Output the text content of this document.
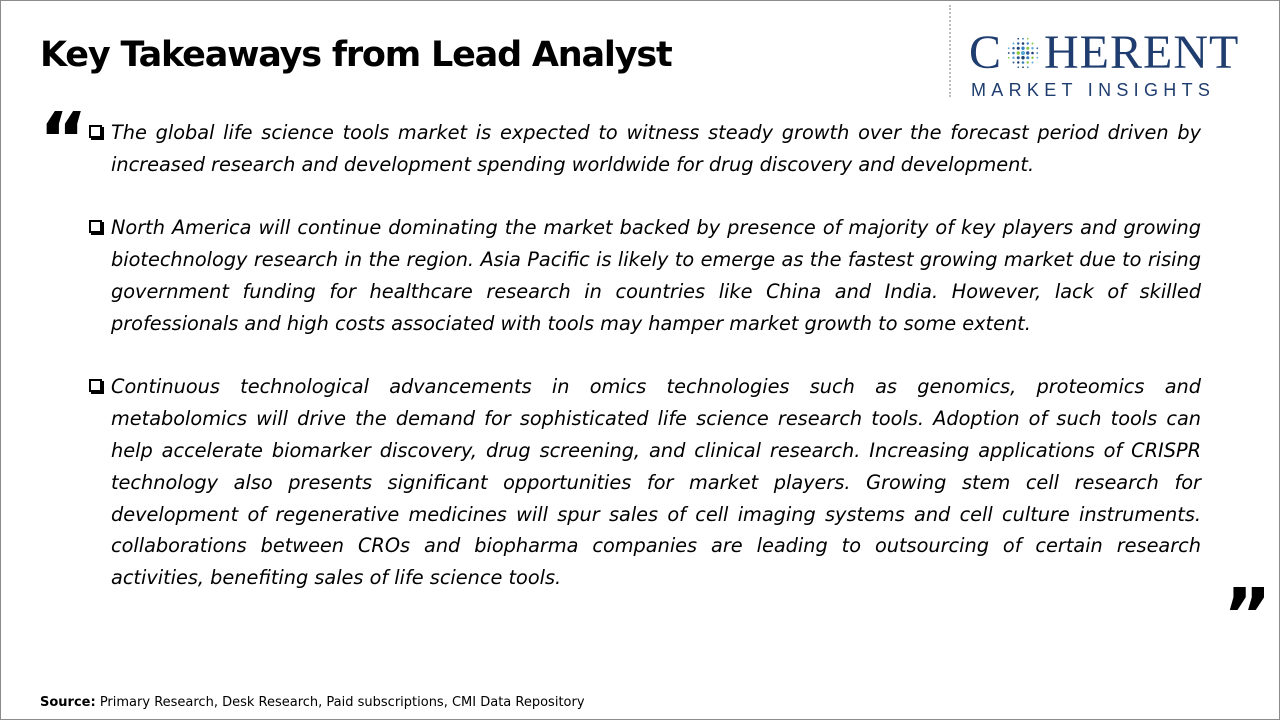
Key Takeaways from Lead Analyst	C HERENT
MARKET INSIGHTS
“	The global life science tools market is expected to witness steady growth over the forecast period driven by increased research and development spending worldwide for drug discovery and development.
North America will continue dominating the market backed by presence of majority of key players and growing biotechnology research in the region. Asia Pacific is likely to emerge as the fastest growing market due to rising government funding for healthcare research in countries like China and India. However, lack of skilled professionals and high costs associated with tools may hamper market growth to some extent.
Continuous technological advancements in omics technologies such as genomics, proteomics and metabolomics will drive the demand for sophisticated life science research tools. Adoption of such tools can help accelerate biomarker discovery, drug screening, and clinical research. Increasing applications of CRISPR technology also presents significant opportunities for market players. Growing stem cell research for development of regenerative medicines will spur sales of cell imaging systems and cell culture instruments. collaborations between CROs and biopharma companies are leading to outsourcing of certain research activities, benefiting sales of life science tools.	”
Source: Primary Research, Desk Research, Paid subscriptions, CMI Data Repository
